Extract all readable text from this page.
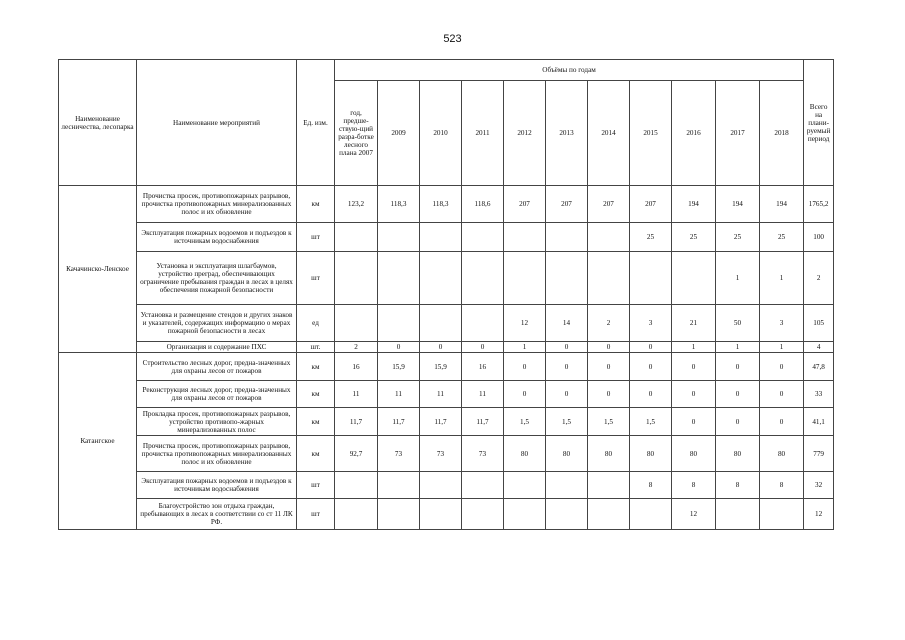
523
Наименование лесничества, лесопарка	Наименование мероприятий	Ед. изм.	Объёмы по годам											Всего на плани-руемый период
			год, предше-ствую-щий разра-ботке лесного плана 2007	2009	2010	2011	2012	2013	2014	2015	2016	2017	2018	
Качачинско-Ленское	Прочистка просек, противопожарных разрывов, прочистка противопожарных минерализованных полос и их обновление	км	123,2	118,3	118,3	118,6	207	207	207	207	194	194	194	1765,2
	Эксплуатация пожарных водоемов и подъездов к источникам водоснабжения	шт								25	25	25	25	100
	Установка и эксплуатация шлагбаумов, устройство преград, обеспечивающих ограничение пребывания граждан в лесах в целях обеспечения пожарной безопасности	шт										1	1	2
	Установка и размещение стендов и других знаков и указателей, содержащих информацию о мерах пожарной безопасности в лесах	ед					12	14	2	3	21	50	3	105
	Организация и содержание ПХС	шт.	2	0	0	0	1	0	0	0	1	1	1	4
Катангское	Строительство лесных дорог, предна-значенных для охраны лесов от пожаров	км	16	15,9	15,9	16	0	0	0	0	0	0	0	47,8
	Реконструкция лесных дорог, предна-значенных для охраны лесов от пожаров	км	11	11	11	11	0	0	0	0	0	0	0	33
	Прокладка просек, противопожарных разрывов, устройство противопо-жарных минерализованных полос	км	11,7	11,7	11,7	11,7	1,5	1,5	1,5	1,5	0	0	0	41,1
	Прочистка просек, противопожарных разрывов, прочистка противопожарных минерализованных полос и их обновление	км	92,7	73	73	73	80	80	80	80	80	80	80	779
	Эксплуатация пожарных водоемов и подъездов к источникам водоснабжения	шт								8	8	8	8	32
	Благоустройство зон отдыха граждан, пребывающих в лесах в соответствии со ст 11 ЛК РФ.	шт									12			12
